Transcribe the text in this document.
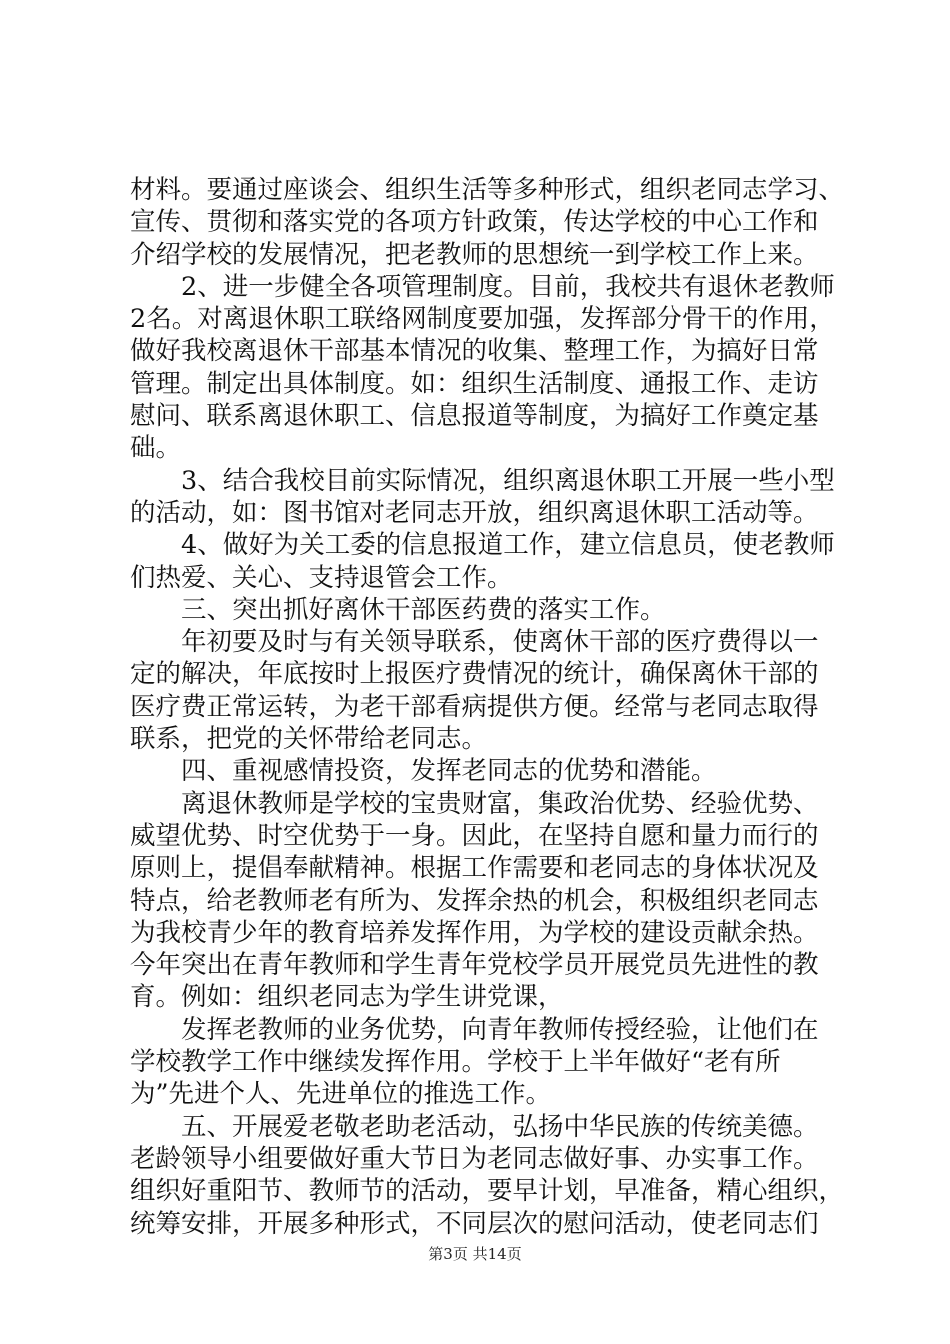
材料。要通过座谈会、组织生活等多种形式，组织老同志学习、
宣传、贯彻和落实党的各项方针政策，传达学校的中心工作和
介绍学校的发展情况，把老教师的思想统一到学校工作上来。
2、进一步健全各项管理制度。目前，我校共有退休老教师
2名。对离退休职工联络网制度要加强，发挥部分骨干的作用，
做好我校离退休干部基本情况的收集、整理工作，为搞好日常
管理。制定出具体制度。如：组织生活制度、通报工作、走访
慰问、联系离退休职工、信息报道等制度，为搞好工作奠定基
础。
3、结合我校目前实际情况，组织离退休职工开展一些小型
的活动，如：图书馆对老同志开放，组织离退休职工活动等。
4、做好为关工委的信息报道工作，建立信息员，使老教师
们热爱、关心、支持退管会工作。
三、突出抓好离休干部医药费的落实工作。
年初要及时与有关领导联系，使离休干部的医疗费得以一
定的解决，年底按时上报医疗费情况的统计，确保离休干部的
医疗费正常运转，为老干部看病提供方便。经常与老同志取得
联系，把党的关怀带给老同志。
四、重视感情投资，发挥老同志的优势和潜能。
离退休教师是学校的宝贵财富，集政治优势、经验优势、
威望优势、时空优势于一身。因此，在坚持自愿和量力而行的
原则上，提倡奉献精神。根据工作需要和老同志的身体状况及
特点，给老教师老有所为、发挥余热的机会，积极组织老同志
为我校青少年的教育培养发挥作用，为学校的建设贡献余热。
今年突出在青年教师和学生青年党校学员开展党员先进性的教
育。例如：组织老同志为学生讲党课，
发挥老教师的业务优势，向青年教师传授经验，让他们在
学校教学工作中继续发挥作用。学校于上半年做好“老有所
为”先进个人、先进单位的推选工作。
五、开展爱老敬老助老活动，弘扬中华民族的传统美德。
老龄领导小组要做好重大节日为老同志做好事、办实事工作。
组织好重阳节、教师节的活动，要早计划，早准备，精心组织，
统筹安排，开展多种形式，不同层次的慰问活动，使老同志们
第3页 共14页
